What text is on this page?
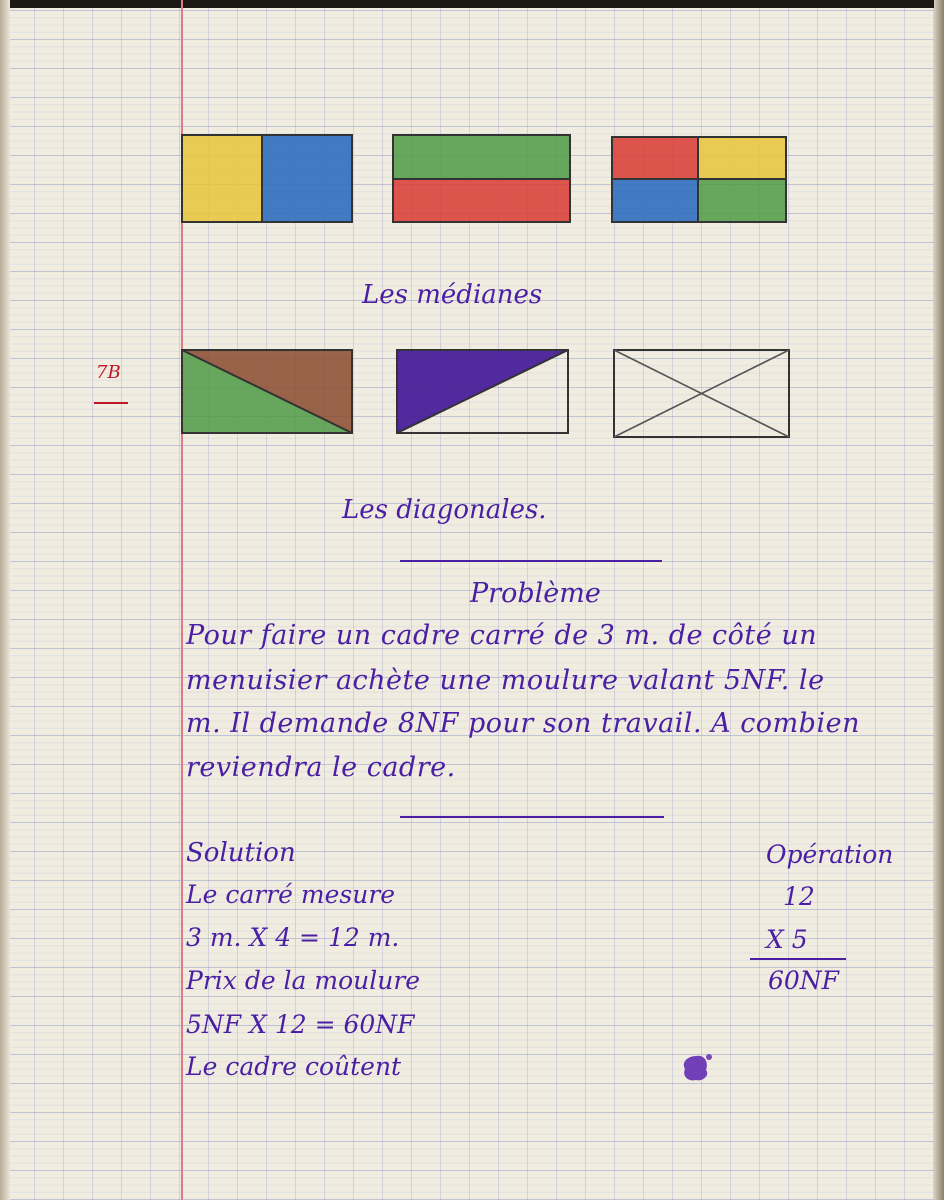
Les médianes
7B
Les diagonales.
Problème
Pour faire un cadre carré de 3 m. de côté un
menuisier achète une moulure valant 5NF. le
m. Il demande 8NF pour son travail. A combien
reviendra le cadre.
Solution
Le carré mesure
3 m. X 4 = 12 m.
Prix de la moulure
5NF X 12 = 60NF
Le cadre coûtent
Opération
12
X 5
60NF
